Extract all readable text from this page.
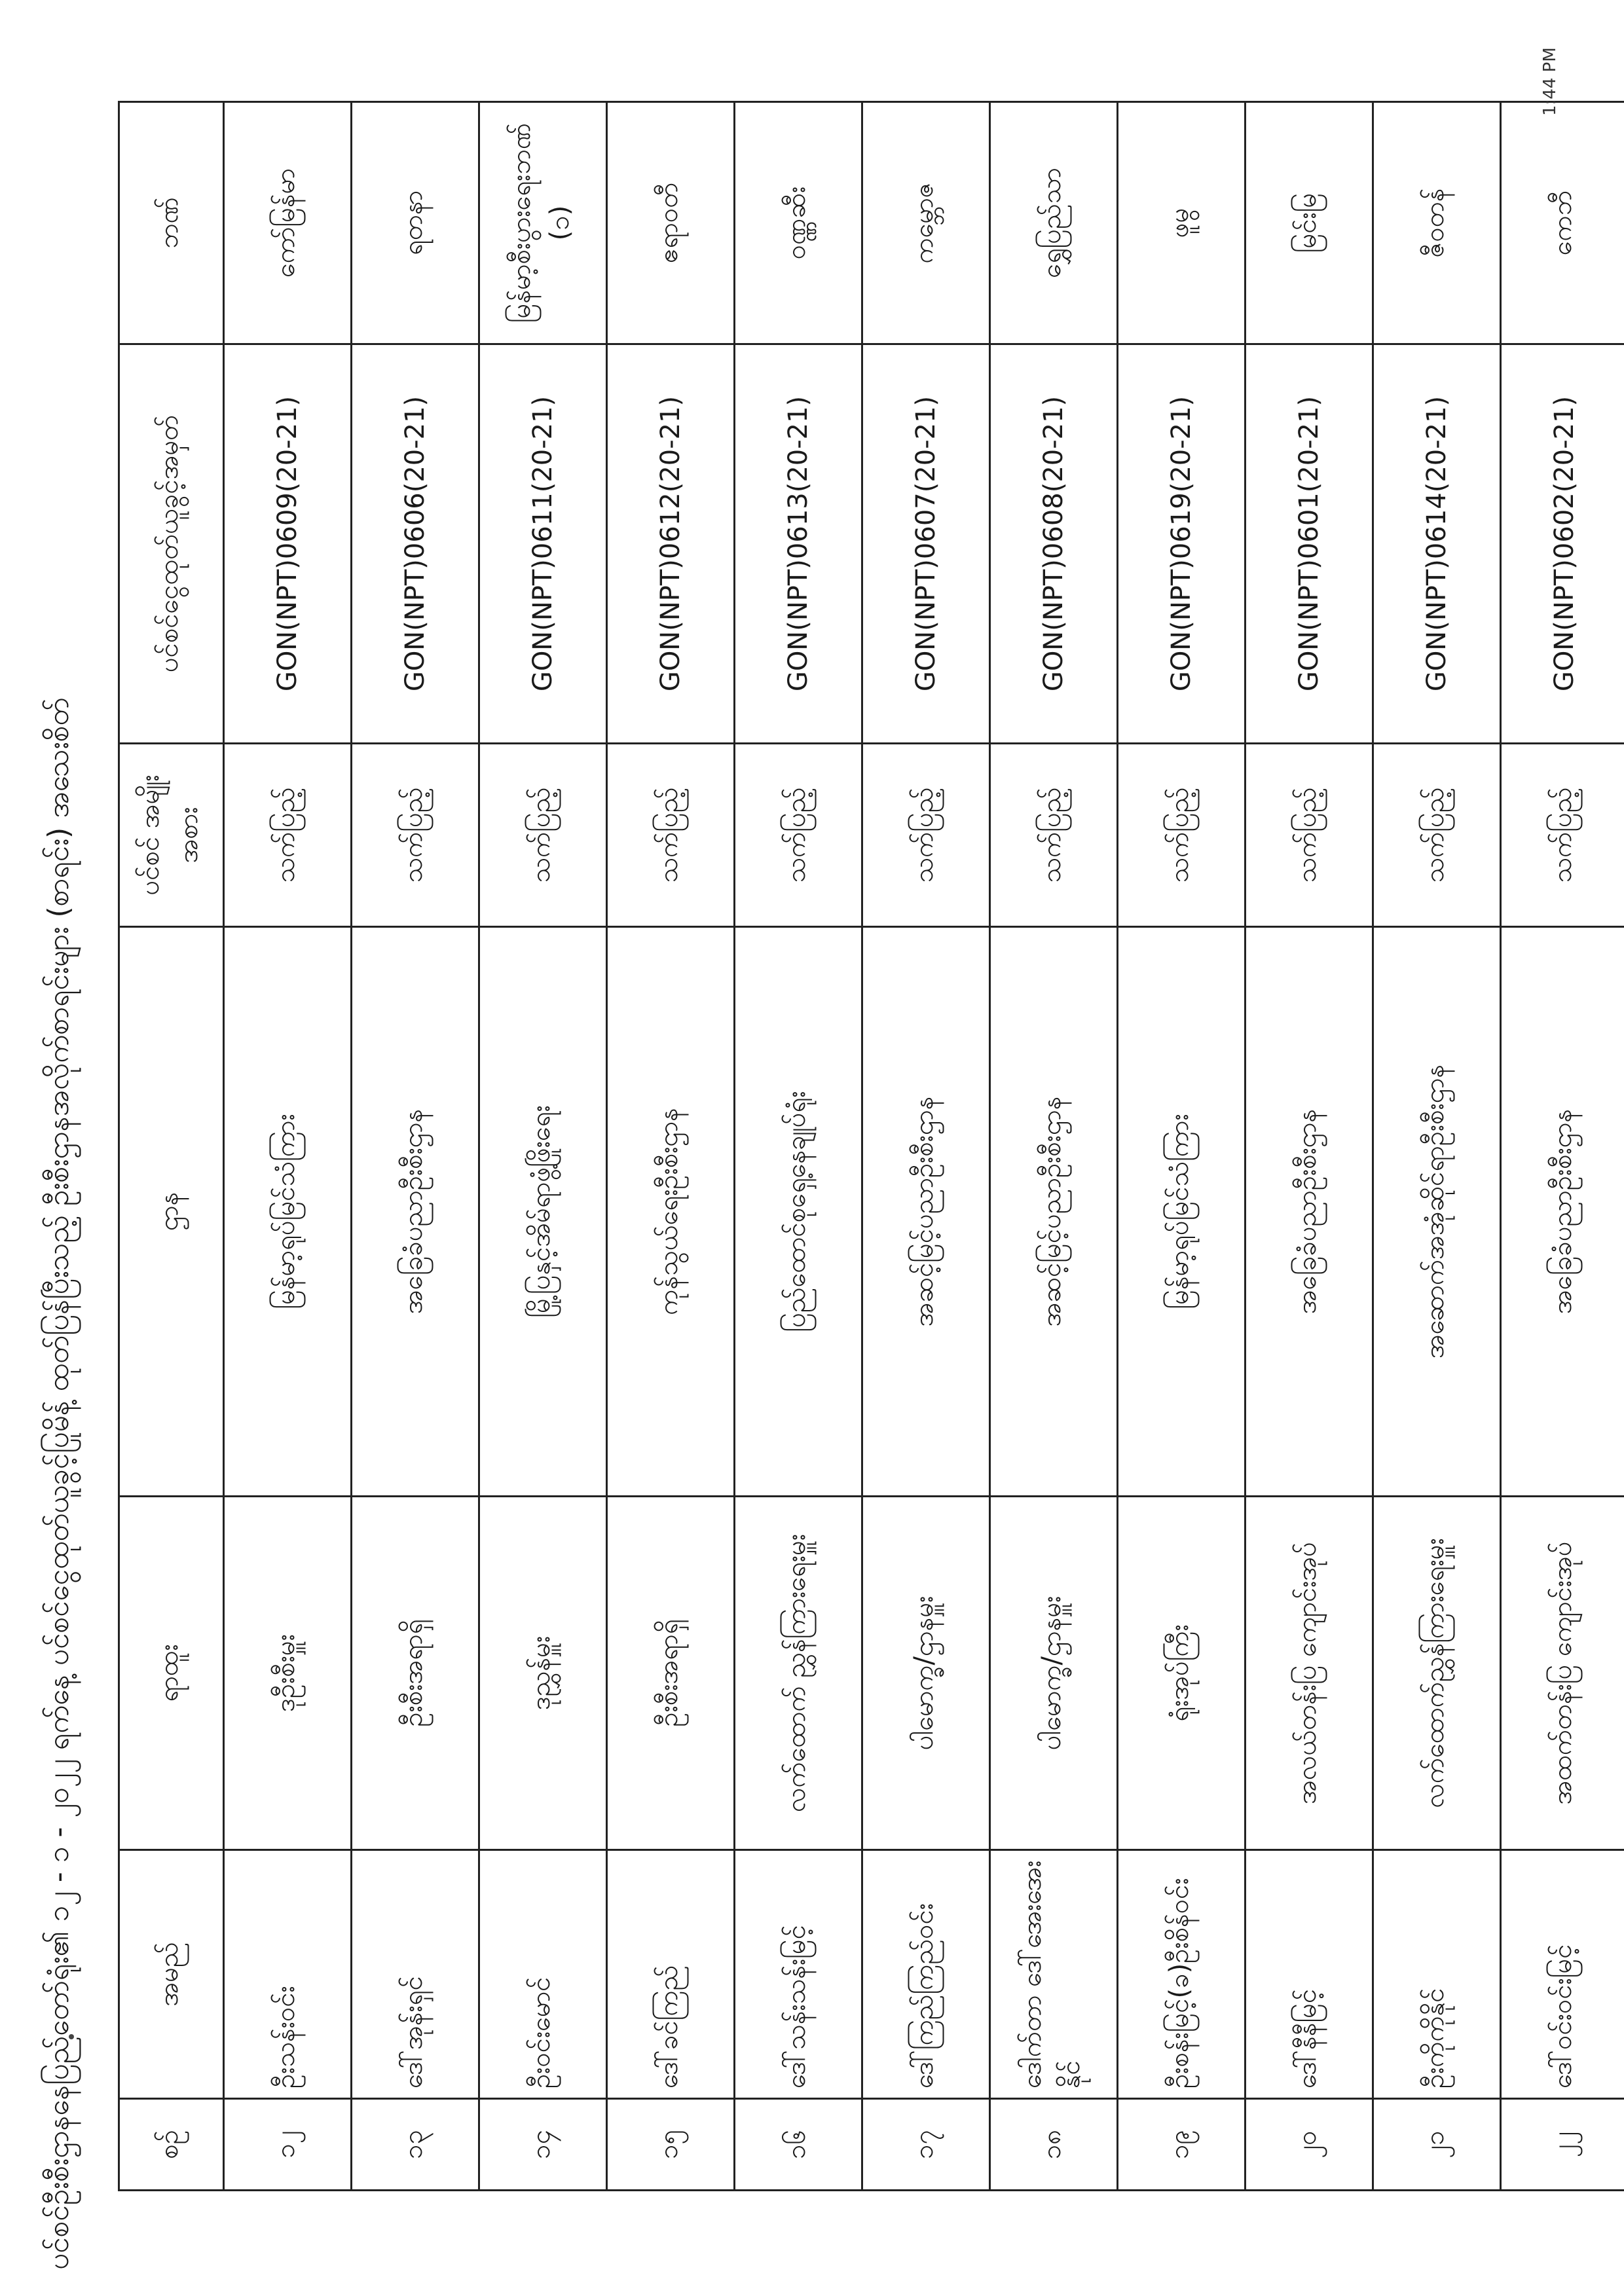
ပင်စင်ဦးစီးဌာနနေပြည်တော်ရုံး၏ ၁၂ - ၁ - ၂၀၂၂ ရက်နေ့ ပင်စင်ငွေထုတ်ယူခွင့်ပြုမိန့် ထုတ်ပြန်ပြီးသည့် ဦးစီးဌာနအလိုက်စာရင်းများ (စာရင်း) အသေးစိတ်	စဉ်	အမည်	ရာထူး	ဌာန	ပင်စင် အမျိုးအစား	ပင်စင်ငွေထုတ်ယူခွင့်အမှတ်	ဘဏ်
၁၂	ဦးသန်းဝင်း	ဒုဦးစီးမှူး	မြန်မာ့ရုပ်မြင်သံကြား	သက်ပြည့်	GON(NPT)0609(20-21)	ကော်မြန်မာ
၁၃	ဒေါ်အုန်းရှင်	ဦးစီးအရာရှိ	အခြေခံပညာဦးစီးဌာန	သက်ပြည့်	GON(NPT)0606(20-21)	ရတနာ
၁၄	ဦးဝင်းမောင်	ဒုညွှန်မှူး	မြို့ပြနှင့်အိမ်ရာဖွံ့ဖြိုးရေး	သက်ပြည့်	GON(NPT)0611(20-21)	မြန်မာ့စီးပွားရေးဘဏ် (၁)
၁၅	ဒေါ်ခင်ကြည်	ဦးစီးအရာရှိ	ကုန်သွယ်ရေးဦးစီးဌာန	သက်ပြည့်	GON(NPT)0612(20-21)	ဧရာဝတီ
၁၆	ဒေါ်သန်းသန်းမြင့်	လက်ထောက် ညွှန်ကြားရေးမှူး	ပြည်ထောင်စုရှေ့နေချုပ်ရုံး	သက်ပြည့်	GON(NPT)0613(20-21)	ဝဏ္ဏဆီး
၁၇	ဒေါ်ကြည်ကြည်ဝင်း	ပါမောက္ခ/ဌာနမှူး	အဆင့်မြင့်ပညာဦးစီးဌာန	သက်ပြည့်	GON(NPT)0607(20-21)	ကမ္ဘောဇ
၁၈	ဒေါက်တာ ဒေါ်အေးအေးနိုင်	ပါမောက္ခ/ဌာနမှူး	အဆင့်မြင့်ပညာဦးစီးဌာန	သက်ပြည့်	GON(NPT)0608(20-21)	ရွှေပြည်သာ
၁၉	ဦးစန်းမြင့်(ခ)ဦးစိန်ဝင်း	ရုံးအုပ်ကြီး	မြန်မာ့ရုပ်မြင်သံကြား	သက်ပြည့်	GON(NPT)0619(20-21)	ဖူမွ
၂၀	ဒေါ်နီနီမြင့်	အလယ်တန်းပြ ကျောင်းအုပ်	အခြေခံပညာဦးစီးဌာန	သက်ပြည့်	GON(NPT)0601(20-21)	မြင်းမြ
၂၁	ဦးကိုကိုနိုင်	လက်ထောက်ညွှန်ကြားရေးမှူး	အဆောက်အအုံဆိုင်ရာဦးစီးဌာန	သက်ပြည့်	GON(NPT)0614(20-21)	ဇီဝတန်
၂၂	ဒေါ်ဝင်းဝင်းမြင့်	အထက်တန်းပြ ကျောင်းအုပ်	အခြေခံပညာဦးစီးဌာန	သက်ပြည့်	GON(NPT)0602(20-21)	ကေဘီ
1:44 PM
